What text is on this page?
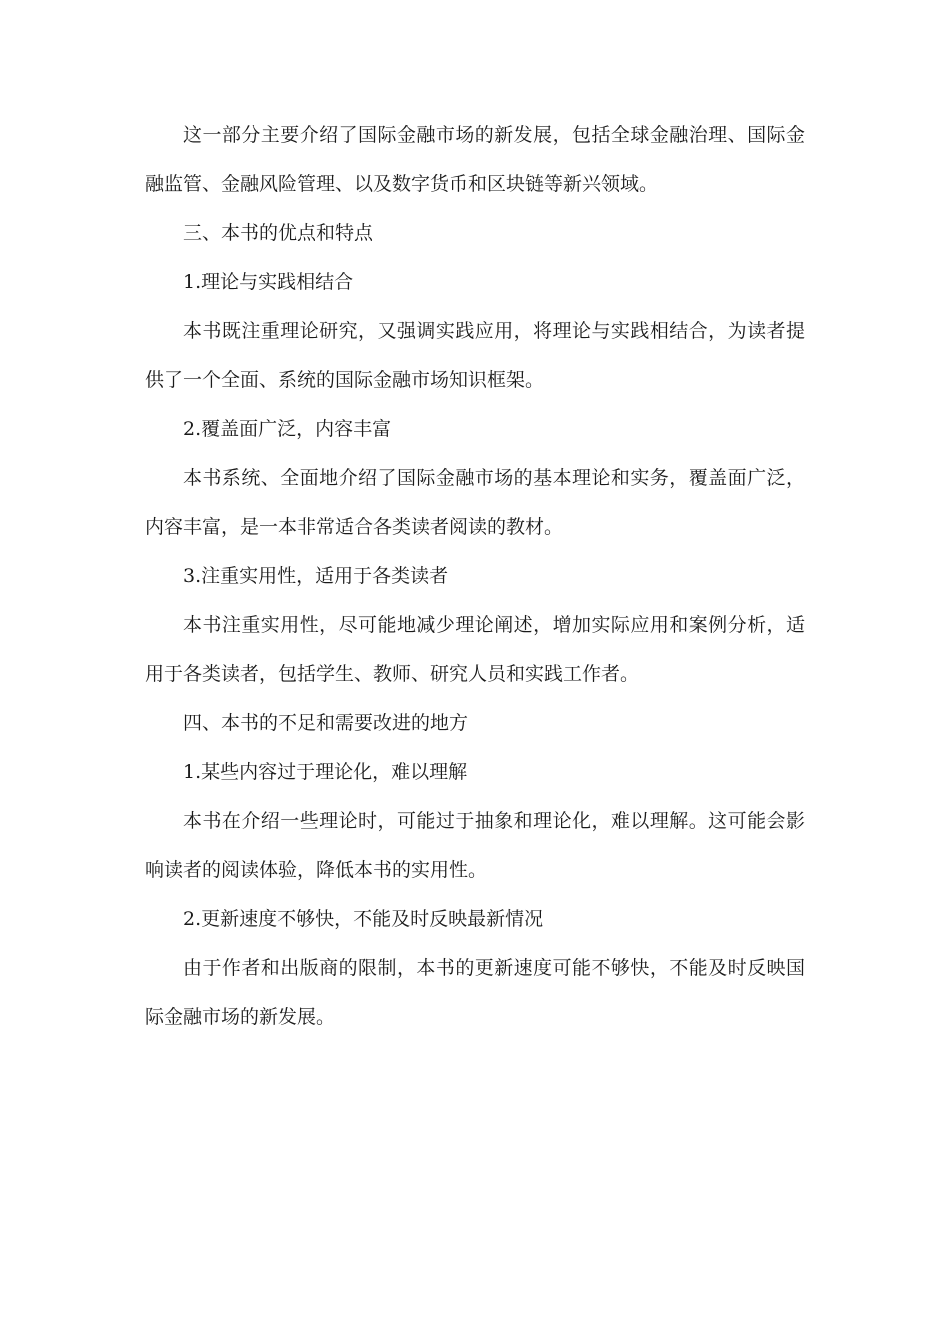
这一部分主要介绍了国际金融市场的新发展，包括全球金融治理、国际金融监管、金融风险管理、以及数字货币和区块链等新兴领域。

三、本书的优点和特点

1.理论与实践相结合

本书既注重理论研究，又强调实践应用，将理论与实践相结合，为读者提供了一个全面、系统的国际金融市场知识框架。

2.覆盖面广泛，内容丰富

本书系统、全面地介绍了国际金融市场的基本理论和实务，覆盖面广泛，内容丰富，是一本非常适合各类读者阅读的教材。

3.注重实用性，适用于各类读者

本书注重实用性，尽可能地减少理论阐述，增加实际应用和案例分析，适用于各类读者，包括学生、教师、研究人员和实践工作者。

四、本书的不足和需要改进的地方

1.某些内容过于理论化，难以理解

本书在介绍一些理论时，可能过于抽象和理论化，难以理解。这可能会影响读者的阅读体验，降低本书的实用性。

2.更新速度不够快，不能及时反映最新情况

由于作者和出版商的限制，本书的更新速度可能不够快，不能及时反映国际金融市场的新发展。
